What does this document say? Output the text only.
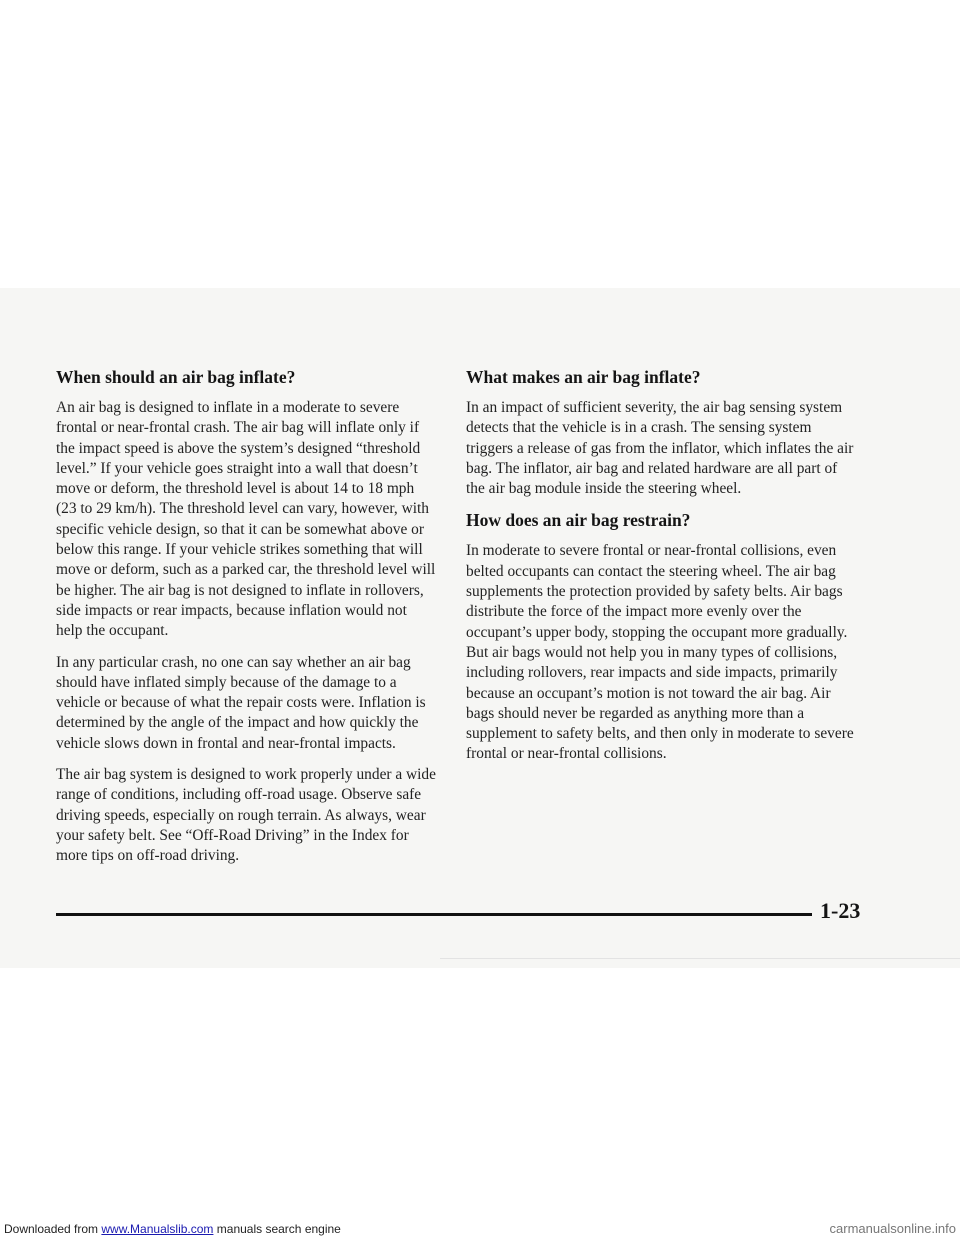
When should an air bag inflate?

An air bag is designed to inflate in a moderate to severe frontal or near-frontal crash. The air bag will inflate only if the impact speed is above the system’s designed “threshold level.” If your vehicle goes straight into a wall that doesn’t move or deform, the threshold level is about 14 to 18 mph (23 to 29 km/h). The threshold level can vary, however, with specific vehicle design, so that it can be somewhat above or below this range. If your vehicle strikes something that will move or deform, such as a parked car, the threshold level will be higher. The air bag is not designed to inflate in rollovers, side impacts or rear impacts, because inflation would not help the occupant.

In any particular crash, no one can say whether an air bag should have inflated simply because of the damage to a vehicle or because of what the repair costs were. Inflation is determined by the angle of the impact and how quickly the vehicle slows down in frontal and near-frontal impacts.

The air bag system is designed to work properly under a wide range of conditions, including off-road usage. Observe safe driving speeds, especially on rough terrain. As always, wear your safety belt. See “Off-Road Driving” in the Index for more tips on off-road driving.

What makes an air bag inflate?

In an impact of sufficient severity, the air bag sensing system detects that the vehicle is in a crash. The sensing system triggers a release of gas from the inflator, which inflates the air bag. The inflator, air bag and related hardware are all part of the air bag module inside the steering wheel.

How does an air bag restrain?

In moderate to severe frontal or near-frontal collisions, even belted occupants can contact the steering wheel. The air bag supplements the protection provided by safety belts. Air bags distribute the force of the impact more evenly over the occupant’s upper body, stopping the occupant more gradually. But air bags would not help you in many types of collisions, including rollovers, rear impacts and side impacts, primarily because an occupant’s motion is not toward the air bag. Air bags should never be regarded as anything more than a supplement to safety belts, and then only in moderate to severe frontal or near-frontal collisions.

1-23
Downloaded from www.Manualslib.com manuals search engine	carmanualsonline.info
